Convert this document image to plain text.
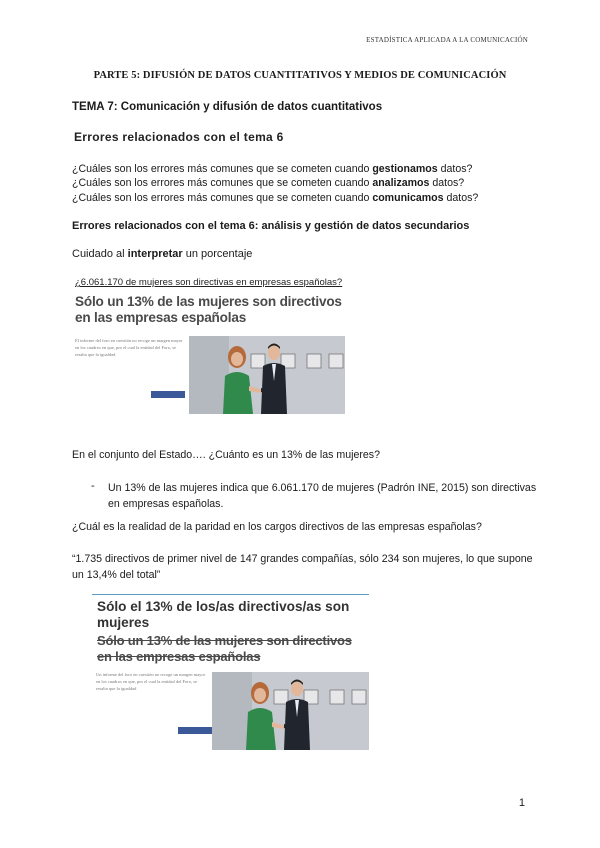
ESTADÍSTICA APLICADA A LA COMUNICACIÓN
PARTE 5: DIFUSIÓN DE DATOS CUANTITATIVOS Y MEDIOS DE COMUNICACIÓN
TEMA 7: Comunicación y difusión de datos cuantitativos
Errores relacionados con el tema 6
¿Cuáles son los errores más comunes que se cometen cuando gestionamos datos?
¿Cuáles son los errores más comunes que se cometen cuando analizamos datos?
¿Cuáles son los errores más comunes que se cometen cuando comunicamos datos?
Errores relacionados con el tema 6: análisis y gestión de datos secundarios
Cuidado al interpretar un porcentaje
¿6.061.170 de mujeres son directivas en empresas españolas?
Sólo un 13% de las mujeres son directivos en las empresas españolas
El informe del foro en cuestión no recoge un margen mayor en los cuadros en que, por el cual la entidad del Foro, se resalta que la igualdad
En el conjunto del Estado…. ¿Cuánto es un 13% de las mujeres?
- Un 13% de las mujeres indica que 6.061.170 de mujeres (Padrón INE, 2015) son directivas en empresas españolas.
¿Cuál es la realidad de la paridad en los cargos directivos de las empresas españolas?
“1.735 directivos de primer nivel de 147 grandes compañías, sólo 234 son mujeres, lo que supone un 13,4% del total”
Sólo el 13% de los/as directivos/as son mujeres
Sólo un 13% de las mujeres son directivos en las empresas españolas
Un informe del foro en cuestión no recoge un margen mayor en los cuadros en que, por el cual la entidad del Foro, se resalta que la igualdad
1
